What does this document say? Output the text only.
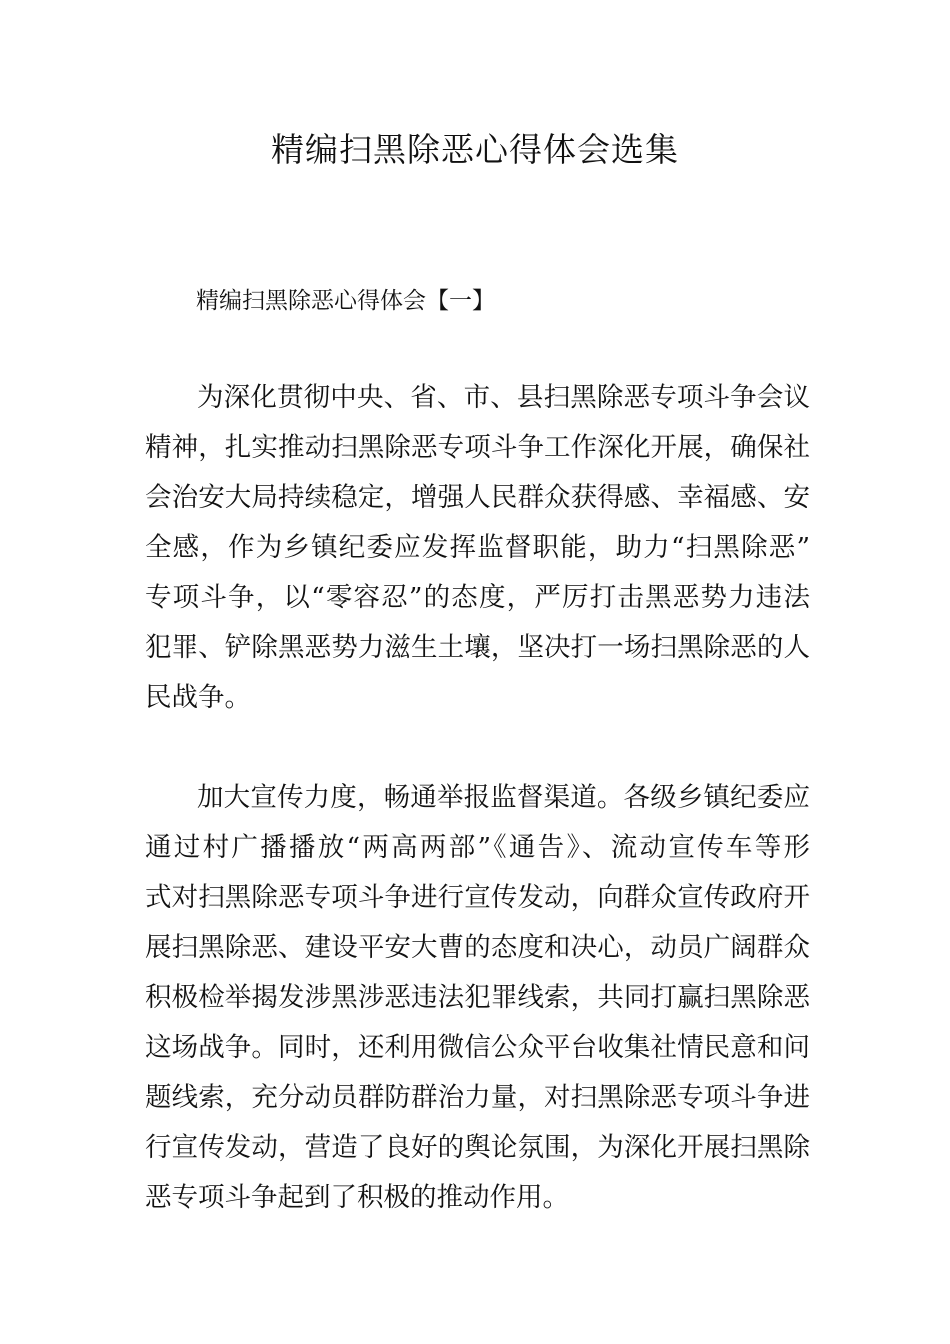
精编扫黑除恶心得体会选集
精编扫黑除恶心得体会【一】
为深化贯彻中央、省、市、县扫黑除恶专项斗争会议
精神，扎实推动扫黑除恶专项斗争工作深化开展，确保社
会治安大局持续稳定，增强人民群众获得感、幸福感、安
全感，作为乡镇纪委应发挥监督职能，助力“扫黑除恶”
专项斗争，以“零容忍”的态度，严厉打击黑恶势力违法
犯罪、铲除黑恶势力滋生土壤，坚决打一场扫黑除恶的人
民战争。
加大宣传力度，畅通举报监督渠道。各级乡镇纪委应
通过村广播播放“两高两部”《通告》、流动宣传车等形
式对扫黑除恶专项斗争进行宣传发动，向群众宣传政府开
展扫黑除恶、建设平安大曹的态度和决心，动员广阔群众
积极检举揭发涉黑涉恶违法犯罪线索，共同打赢扫黑除恶
这场战争。同时，还利用微信公众平台收集社情民意和问
题线索，充分动员群防群治力量，对扫黑除恶专项斗争进
行宣传发动，营造了良好的舆论氛围，为深化开展扫黑除
恶专项斗争起到了积极的推动作用。
